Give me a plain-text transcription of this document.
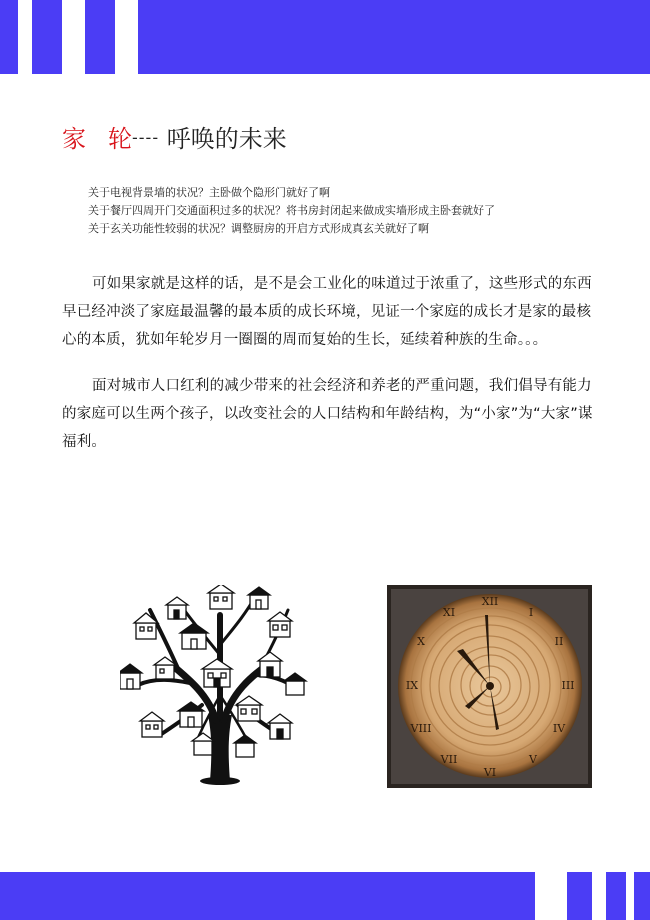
家 轮---- 呼唤的未来
关于电视背景墙的状况？主卧做个隐形门就好了啊
关于餐厅四周开门交通面积过多的状况？将书房封闭起来做成实墙形成主卧套就好了
关于玄关功能性较弱的状况？调整厨房的开启方式形成真玄关就好了啊

可如果家就是这样的话，是不是会工业化的味道过于浓重了，这些形式的东西早已经冲淡了家庭最温馨的最本质的成长环境，见证一个家庭的成长才是家的最核心的本质，犹如年轮岁月一圈圈的周而复始的生长，延续着种族的生命。。。

面对城市人口红利的减少带来的社会经济和养老的严重问题，我们倡导有能力的家庭可以生两个孩子，以改变社会的人口结构和年龄结构，为“小家”为“大家”谋福利。

XII
I
II
III
IV
V
VI
VII
VIII
IX
X
XI
